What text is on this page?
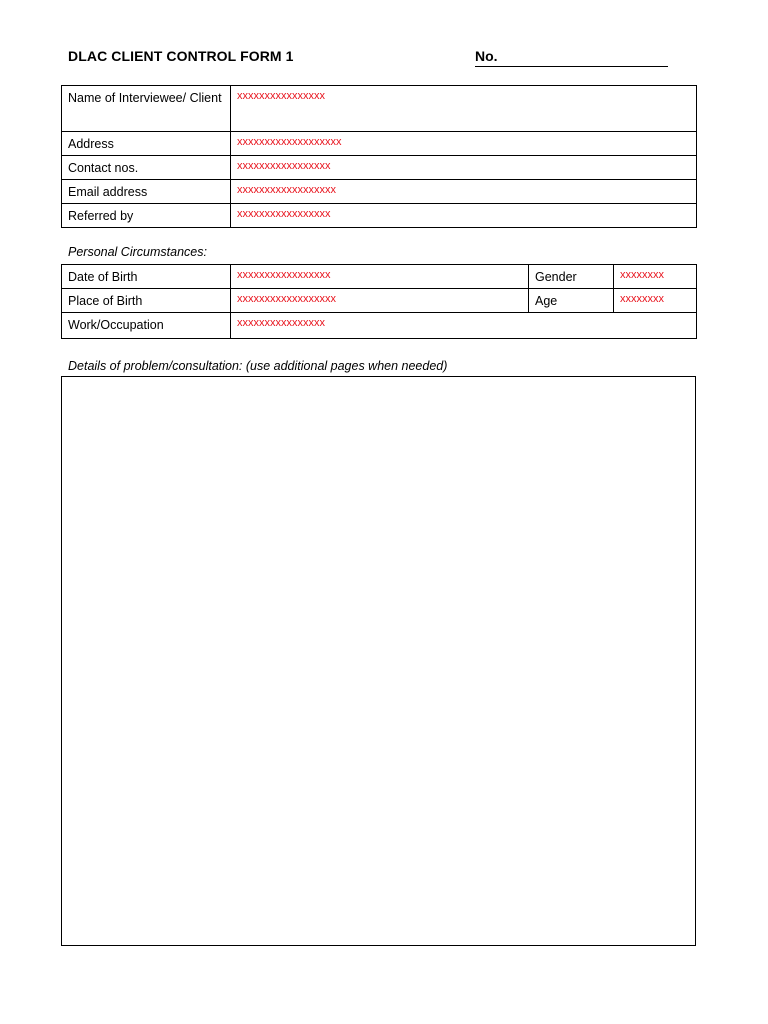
DLAC CLIENT CONTROL FORM 1	No.
Name of Interviewee/ Client	xxxxxxxxxxxxxxxx
Address	xxxxxxxxxxxxxxxxxxx
Contact nos.	xxxxxxxxxxxxxxxxx
Email address	xxxxxxxxxxxxxxxxxx
Referred by	xxxxxxxxxxxxxxxxx
Personal Circumstances:
Date of Birth	xxxxxxxxxxxxxxxxx	Gender	xxxxxxxx
Place of Birth	xxxxxxxxxxxxxxxxxx	Age	xxxxxxxx
Work/Occupation	xxxxxxxxxxxxxxxx		
Details of problem/consultation: (use additional pages when needed)
